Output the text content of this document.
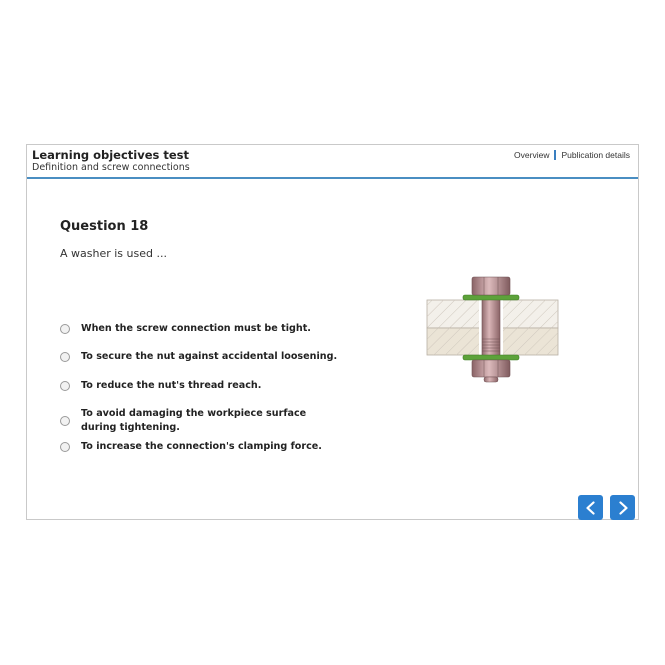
Learning objectives test
Definition and screw connections
Overview Publication details
Question 18
A washer is used ...
When the screw connection must be tight.
To secure the nut against accidental loosening.
To reduce the nut's thread reach.
To avoid damaging the workpiece surface during tightening.
To increase the connection's clamping force.
